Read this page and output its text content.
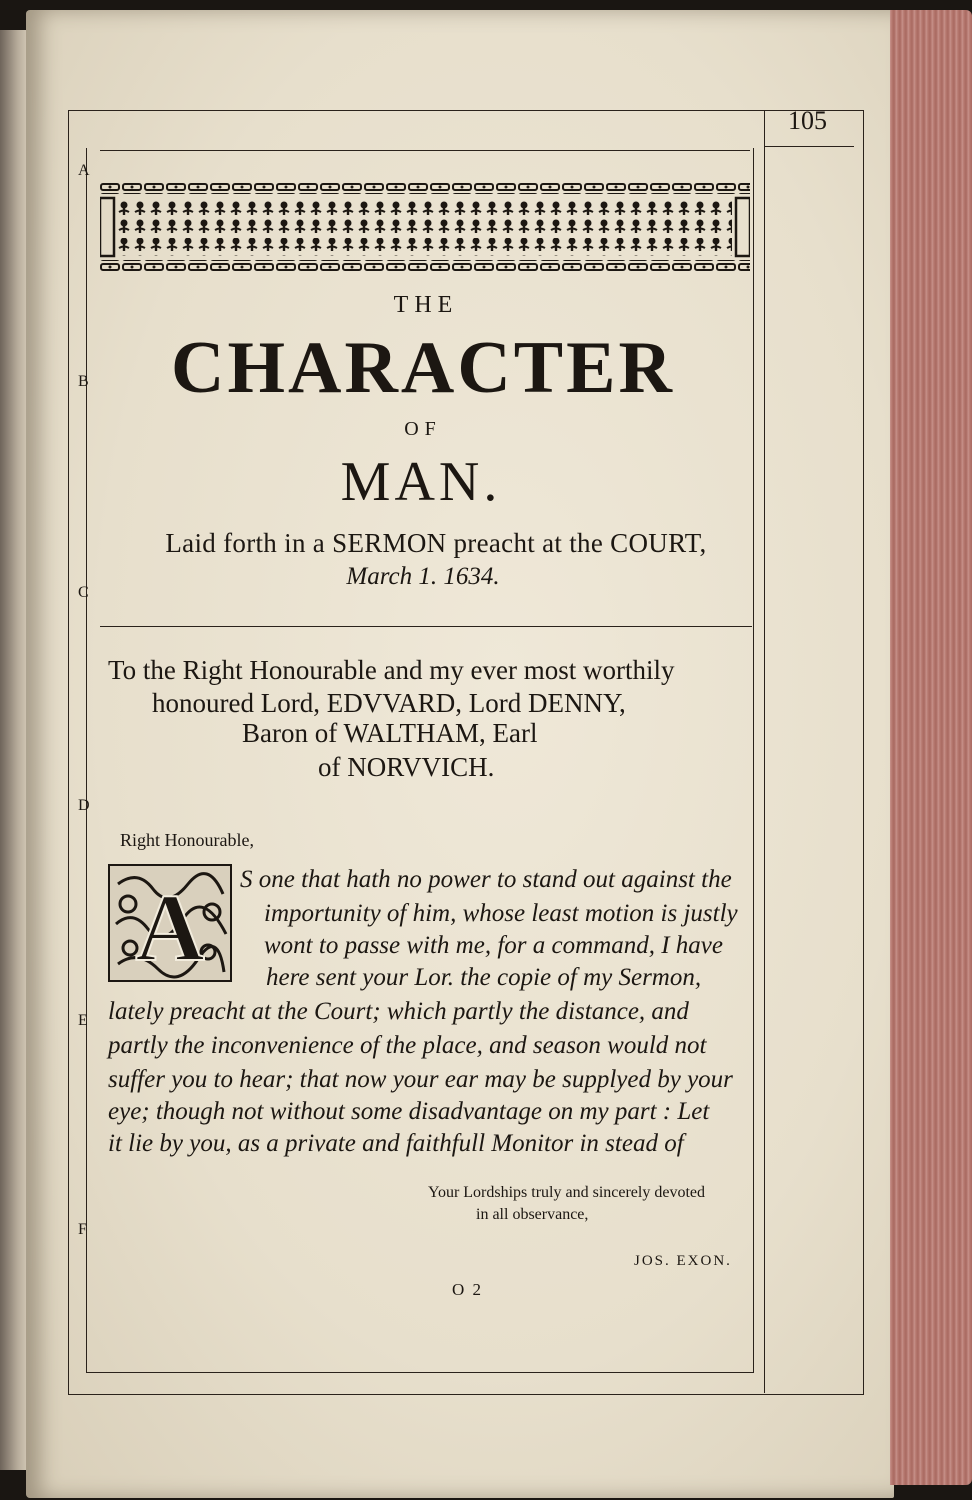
105
A
B
C
D
E
F
THE
CHARACTER
OF
MAN.
Laid forth in a SERMON preacht at the COURT,
March 1. 1634.
To the Right Honourable and my ever most worthily
honoured Lord, EDVVARD, Lord DENNY,
Baron of WALTHAM, Earl
of NORVVICH.
Right Honourable,
A S one that hath no power to stand out against the
importunity of him, whose least motion is justly
wont to passe with me, for a command, I have
here sent your Lor. the copie of my Sermon,
lately preacht at the Court; which partly the distance, and
partly the inconvenience of the place, and season would not
suffer you to hear; that now your ear may be supplyed by your
eye; though not without some disadvantage on my part : Let
it lie by you, as a private and faithfull Monitor in stead of
Your Lordships truly and sincerely devoted
in all observance,
JOS. EXON.
O 2
